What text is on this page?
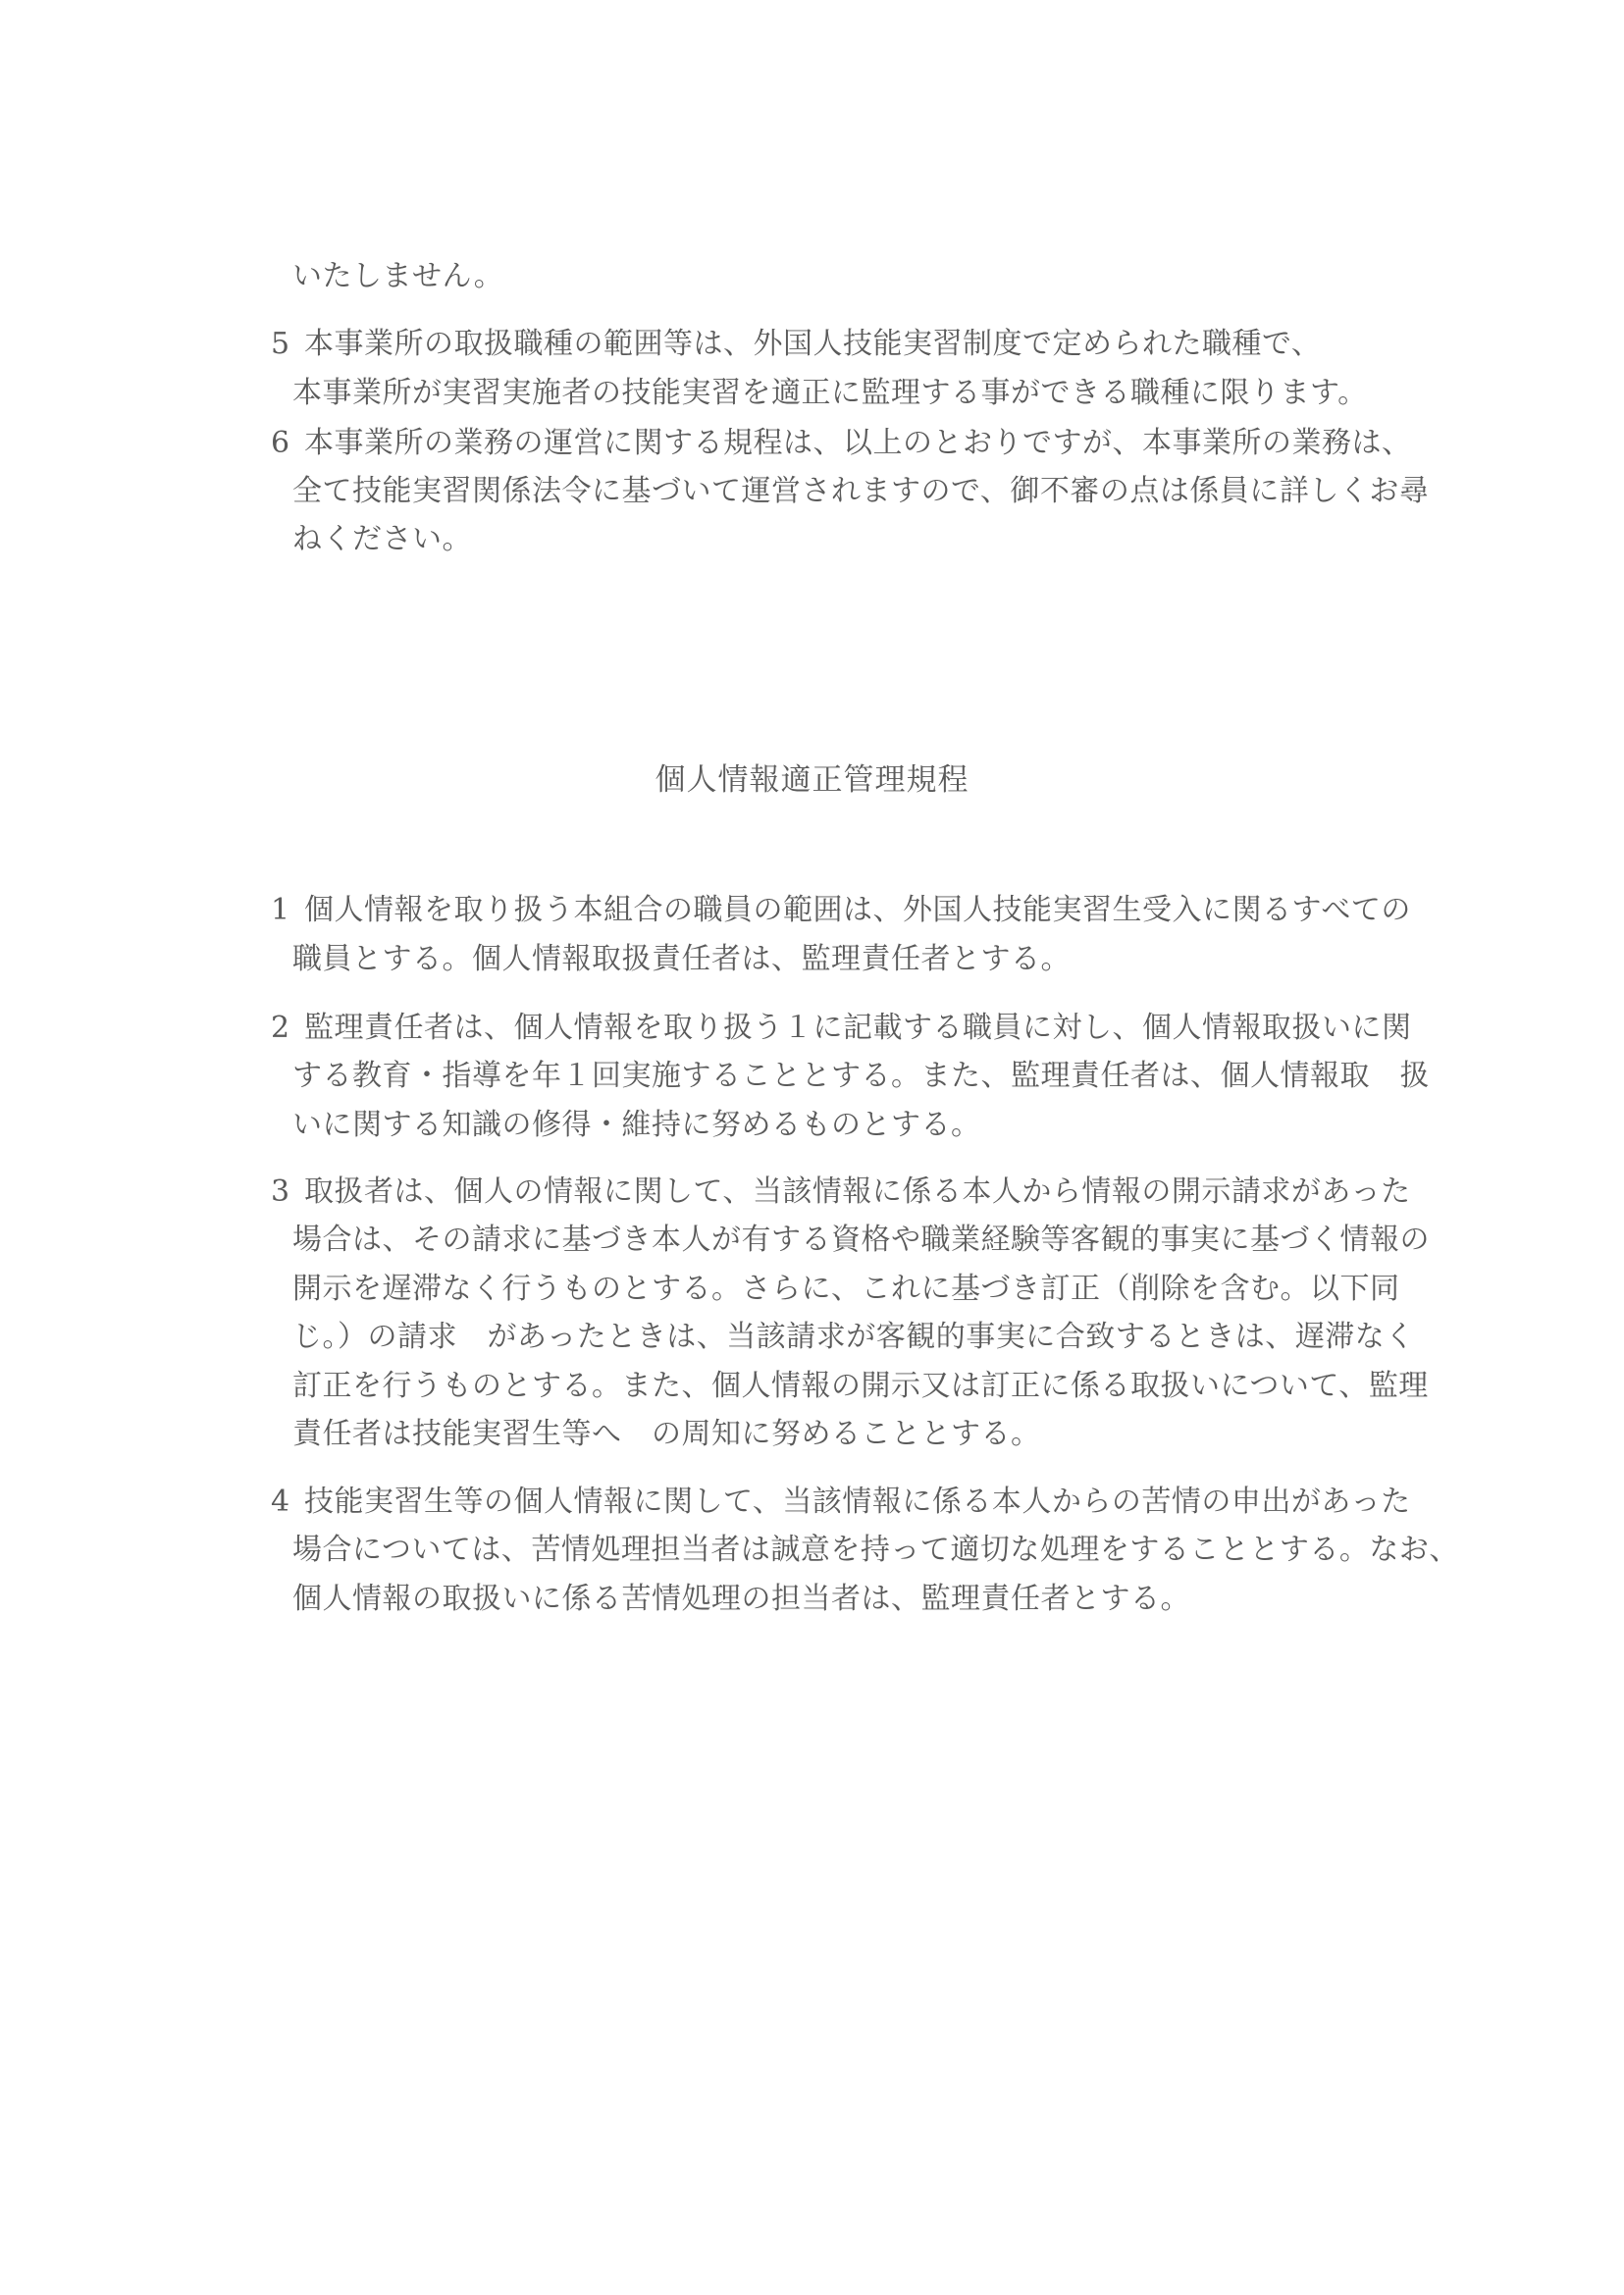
いたしません。
5 本事業所の取扱職種の範囲等は、外国人技能実習制度で定められた職種で、
本事業所が実習実施者の技能実習を適正に監理する事ができる職種に限ります。
6 本事業所の業務の運営に関する規程は、以上のとおりですが、本事業所の業務は、
全て技能実習関係法令に基づいて運営されますので、御不審の点は係員に詳しくお尋
ねください。
個人情報適正管理規程
1 個人情報を取り扱う本組合の職員の範囲は、外国人技能実習生受入に関るすべての
職員とする。個人情報取扱責任者は、監理責任者とする。
2 監理責任者は、個人情報を取り扱う１に記載する職員に対し、個人情報取扱いに関
する教育・指導を年１回実施することとする。また、監理責任者は、個人情報取　扱
いに関する知識の修得・維持に努めるものとする。
3 取扱者は、個人の情報に関して、当該情報に係る本人から情報の開示請求があった
場合は、その請求に基づき本人が有する資格や職業経験等客観的事実に基づく情報の
開示を遅滞なく行うものとする。さらに、これに基づき訂正（削除を含む。以下同
じ。）の請求　があったときは、当該請求が客観的事実に合致するときは、遅滞なく
訂正を行うものとする。また、個人情報の開示又は訂正に係る取扱いについて、監理
責任者は技能実習生等へ　の周知に努めることとする。
4 技能実習生等の個人情報に関して、当該情報に係る本人からの苦情の申出があった
場合については、苦情処理担当者は誠意を持って適切な処理をすることとする。なお、
個人情報の取扱いに係る苦情処理の担当者は、監理責任者とする。
